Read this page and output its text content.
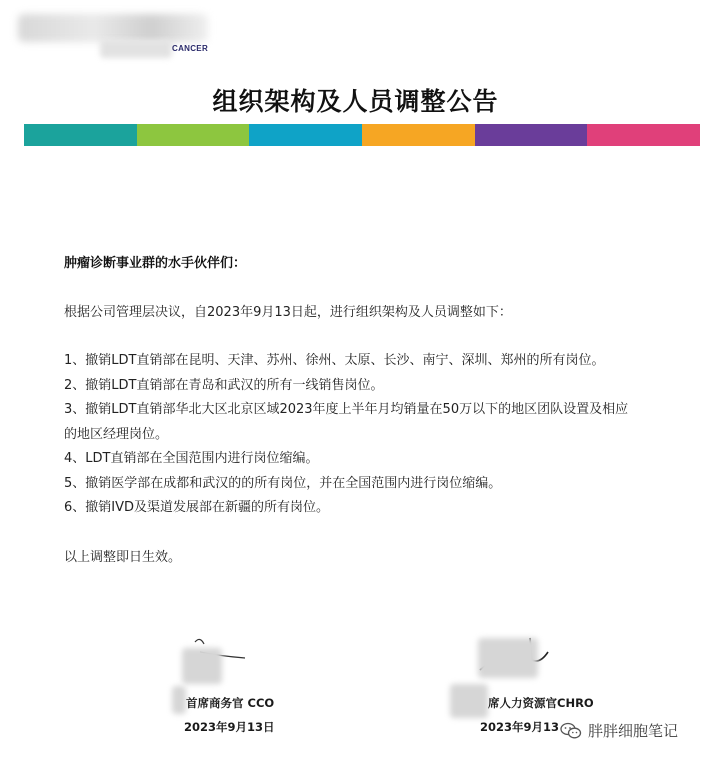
CANCER
组织架构及人员调整公告
肿瘤诊断事业群的水手伙伴们：
根据公司管理层决议，自2023年9月13日起，进行组织架构及人员调整如下：
1、撤销LDT直销部在昆明、天津、苏州、徐州、太原、长沙、南宁、深圳、郑州的所有岗位。
2、撤销LDT直销部在青岛和武汉的所有一线销售岗位。
3、撤销LDT直销部华北大区北京区域2023年度上半年月均销量在50万以下的地区团队设置及相应
的地区经理岗位。
4、LDT直销部在全国范围内进行岗位缩编。
5、撤销医学部在成都和武汉的的所有岗位，并在全国范围内进行岗位缩编。
6、撤销IVD及渠道发展部在新疆的所有岗位。
以上调整即日生效。
首席商务官 CCO
2023年9月13日
席人力资源官CHRO
2023年9月13 胖胖细胞笔记
